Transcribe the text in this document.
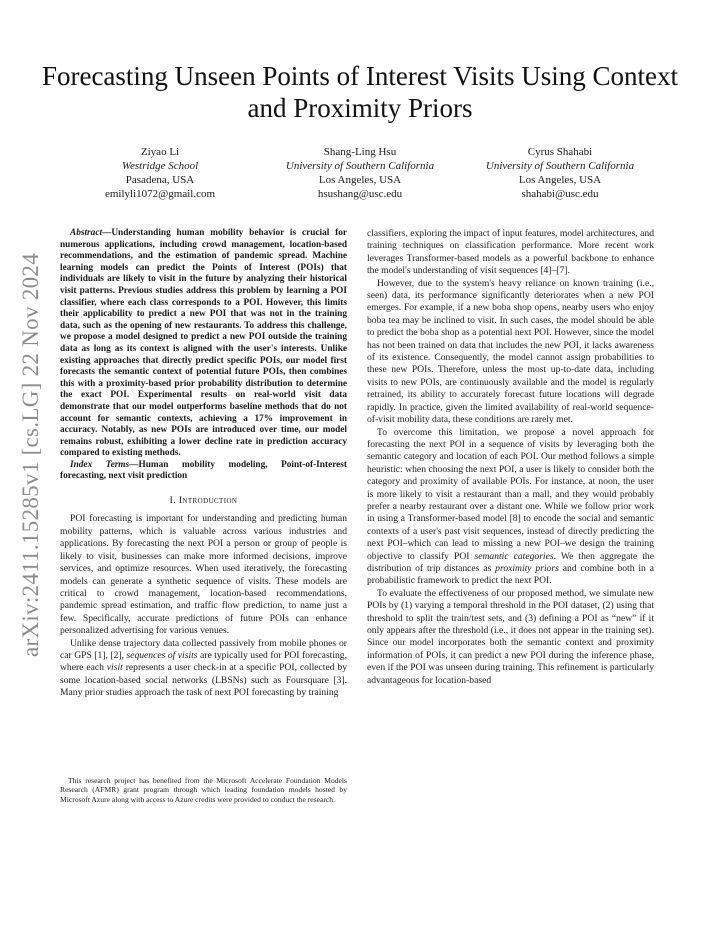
arXiv:2411.15285v1 [cs.LG] 22 Nov 2024
Forecasting Unseen Points of Interest Visits Using Context and Proximity Priors
Ziyao Li
Westridge School
Pasadena, USA
emilyli1072@gmail.com
Shang-Ling Hsu
University of Southern California
Los Angeles, USA
hsushang@usc.edu
Cyrus Shahabi
University of Southern California
Los Angeles, USA
shahabi@usc.edu

Abstract—Understanding human mobility behavior is crucial for numerous applications, including crowd management, location-based recommendations, and the estimation of pandemic spread. Machine learning models can predict the Points of Interest (POIs) that individuals are likely to visit in the future by analyzing their historical visit patterns. Previous studies address this problem by learning a POI classifier, where each class corresponds to a POI. However, this limits their applicability to predict a new POI that was not in the training data, such as the opening of new restaurants. To address this challenge, we propose a model designed to predict a new POI outside the training data as long as its context is aligned with the user's interests. Unlike existing approaches that directly predict specific POIs, our model first forecasts the semantic context of potential future POIs, then combines this with a proximity-based prior probability distribution to determine the exact POI. Experimental results on real-world visit data demonstrate that our model outperforms baseline methods that do not account for semantic contexts, achieving a 17% improvement in accuracy. Notably, as new POIs are introduced over time, our model remains robust, exhibiting a lower decline rate in prediction accuracy compared to existing methods.

Index Terms—Human mobility modeling, Point-of-Interest forecasting, next visit prediction

I. Introduction

POI forecasting is important for understanding and predicting human mobility patterns, which is valuable across various industries and applications. By forecasting the next POI a person or group of people is likely to visit, businesses can make more informed decisions, improve services, and optimize resources. When used iteratively, the forecasting models can generate a synthetic sequence of visits. These models are critical to crowd management, location-based recommendations, pandemic spread estimation, and traffic flow prediction, to name just a few. Specifically, accurate predictions of future POIs can enhance personalized advertising for various venues.

Unlike dense trajectory data collected passively from mobile phones or car GPS [1], [2], sequences of visits are typically used for POI forecasting, where each visit represents a user check-in at a specific POI, collected by some location-based social networks (LBSNs) such as Foursquare [3]. Many prior studies approach the task of next POI forecasting by training

This research project has benefited from the Microsoft Accelerate Foundation Models Research (AFMR) grant program through which leading foundation models hosted by Microsoft Azure along with access to Azure credits were provided to conduct the research.

classifiers, exploring the impact of input features, model architectures, and training techniques on classification performance. More recent work leverages Transformer-based models as a powerful backbone to enhance the model's understanding of visit sequences [4]–[7].

However, due to the system's heavy reliance on known training (i.e., seen) data, its performance significantly deteriorates when a new POI emerges. For example, if a new boba shop opens, nearby users who enjoy boba tea may be inclined to visit. In such cases, the model should be able to predict the boba shop as a potential next POI. However, since the model has not been trained on data that includes the new POI, it lacks awareness of its existence. Consequently, the model cannot assign probabilities to these new POIs. Therefore, unless the most up-to-date data, including visits to new POIs, are continuously available and the model is regularly retrained, its ability to accurately forecast future locations will degrade rapidly. In practice, given the limited availability of real-world sequence-of-visit mobility data, these conditions are rarely met.

To overcome this limitation, we propose a novel approach for forecasting the next POI in a sequence of visits by leveraging both the semantic category and location of each POI. Our method follows a simple heuristic: when choosing the next POI, a user is likely to consider both the category and proximity of available POIs. For instance, at noon, the user is more likely to visit a restaurant than a mall, and they would probably prefer a nearby restaurant over a distant one. While we follow prior work in using a Transformer-based model [8] to encode the social and semantic contexts of a user's past visit sequences, instead of directly predicting the next POI–which can lead to missing a new POI–we design the training objective to classify POI semantic categories. We then aggregate the distribution of trip distances as proximity priors and combine both in a probabilistic framework to predict the next POI.

To evaluate the effectiveness of our proposed method, we simulate new POIs by (1) varying a temporal threshold in the POI dataset, (2) using that threshold to split the train/test sets, and (3) defining a POI as “new” if it only appears after the threshold (i.e., it does not appear in the training set). Since our model incorporates both the semantic context and proximity information of POIs, it can predict a new POI during the inference phase, even if the POI was unseen during training. This refinement is particularly advantageous for location-based
